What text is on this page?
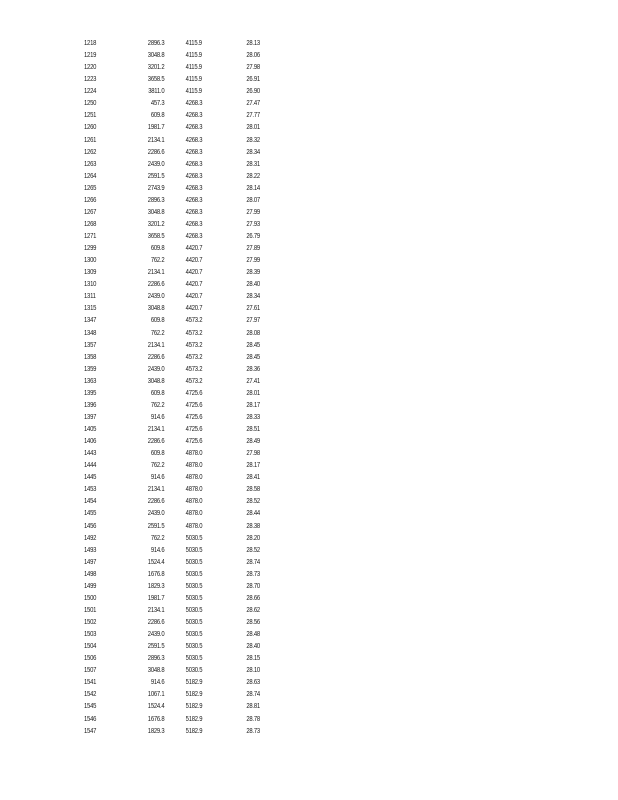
1218	2896.3		4115.9	28.13
1219	3048.8		4115.9	28.06
1220	3201.2		4115.9	27.98
1223	3658.5		4115.9	26.91
1224	3811.0		4115.9	26.90
1250	457.3		4268.3	27.47
1251	609.8		4268.3	27.77
1260	1981.7		4268.3	28.01
1261	2134.1		4268.3	28.32
1262	2286.6		4268.3	28.34
1263	2439.0		4268.3	28.31
1264	2591.5		4268.3	28.22
1265	2743.9		4268.3	28.14
1266	2896.3		4268.3	28.07
1267	3048.8		4268.3	27.99
1268	3201.2		4268.3	27.93
1271	3658.5		4268.3	26.79
1299	609.8		4420.7	27.89
1300	762.2		4420.7	27.99
1309	2134.1		4420.7	28.39
1310	2286.6		4420.7	28.40
1311	2439.0		4420.7	28.34
1315	3048.8		4420.7	27.61
1347	609.8		4573.2	27.97
1348	762.2		4573.2	28.08
1357	2134.1		4573.2	28.45
1358	2286.6		4573.2	28.45
1359	2439.0		4573.2	28.36
1363	3048.8		4573.2	27.41
1395	609.8		4725.6	28.01
1396	762.2		4725.6	28.17
1397	914.6		4725.6	28.33
1405	2134.1		4725.6	28.51
1406	2286.6		4725.6	28.49
1443	609.8		4878.0	27.98
1444	762.2		4878.0	28.17
1445	914.6		4878.0	28.41
1453	2134.1		4878.0	28.58
1454	2286.6		4878.0	28.52
1455	2439.0		4878.0	28.44
1456	2591.5		4878.0	28.38
1492	762.2		5030.5	28.20
1493	914.6		5030.5	28.52
1497	1524.4		5030.5	28.74
1498	1676.8		5030.5	28.73
1499	1829.3		5030.5	28.70
1500	1981.7		5030.5	28.66
1501	2134.1		5030.5	28.62
1502	2286.6		5030.5	28.56
1503	2439.0		5030.5	28.48
1504	2591.5		5030.5	28.40
1506	2896.3		5030.5	28.15
1507	3048.8		5030.5	28.10
1541	914.6		5182.9	28.63
1542	1067.1		5182.9	28.74
1545	1524.4		5182.9	28.81
1546	1676.8		5182.9	28.78
1547	1829.3		5182.9	28.73
